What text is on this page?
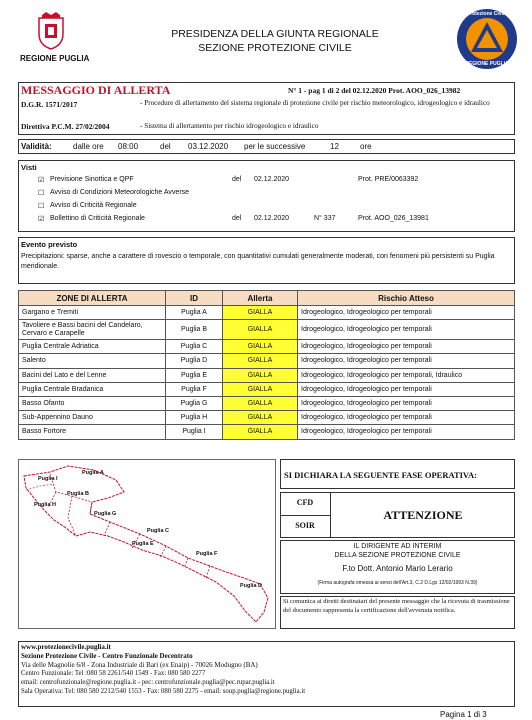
REGIONE PUGLIA
PRESIDENZA DELLA GIUNTA REGIONALE
SEZIONE PROTEZIONE CIVILE
Protezione Civile
REGIONE PUGLIA
MESSAGGIO DI ALLERTA	N° 1 - pag 1 di 2 del 02.12.2020 Prot. AOO_026_13982
D.G.R. 1571/2017	- Procedure di allertamento del sistema regionale di protezione civile per rischio meteorologico, idrogeologico e idraulico
Direttiva P.C.M. 27/02/2004	- Sistema di allertamento per rischio idrogeologico e idraulico
Validità:	dalle ore 08:00	del 03.12.2020 per le successive	12	ore
Visti
☑ Previsione Sinottica e QPF	del 02.12.2020	Prot. PRE/0063392
☐ Avviso di Condizioni Meteorologiche Avverse
☐ Avviso di Criticità Regionale
☑ Bollettino di Criticità Regionale	del 02.12.2020	N° 337	Prot. AOO_026_13981
Evento previsto
Precipitazioni: sparse, anche a carattere di rovescio o temporale, con quantitativi cumulati generalmente moderati, con fenomeni più persistenti su Puglia meridionale.
ZONE DI ALLERTA	ID	Allerta	Rischio Atteso
Gargano e Tremiti	Puglia A	GIALLA	Idrogeologico, Idrogeologico per temporali
Tavoliere e Bassi bacini del Candelaro, Cervaro e Carapelle	Puglia B	GIALLA	Idrogeologico, Idrogeologico per temporali
Puglia Centrale Adriatica	Puglia C	GIALLA	Idrogeologico, Idrogeologico per temporali
Salento	Puglia D	GIALLA	Idrogeologico, Idrogeologico per temporali
Bacini del Lato e del Lenne	Puglia E	GIALLA	Idrogeologico, Idrogeologico per temporali, Idraulico
Puglia Centrale Bradanica	Puglia F	GIALLA	Idrogeologico, Idrogeologico per temporali
Basso Ofanto	Puglia G	GIALLA	Idrogeologico, Idrogeologico per temporali
Sub-Appennino Dauno	Puglia H	GIALLA	Idrogeologico, Idrogeologico per temporali
Basso Fortore	Puglia I	GIALLA	Idrogeologico, Idrogeologico per temporali
Puglia A
Puglia I
Puglia B
Puglia H
Puglia G
Puglia C
Puglia E
Puglia F
Puglia D
SI DICHIARA LA SEGUENTE FASE OPERATIVA:
CFD
SOIR
ATTENZIONE
IL DIRIGENTE AD INTERIM
DELLA SEZIONE PROTEZIONE CIVILE
F.to Dott. Antonio Mario Lerario
(Firma autografa omessa ai sensi dell'Art.3, C.2 D.Lgs 12/02/1993 N.39)
Si comunica ai diretti destinatari del presente messaggio che la ricevuta di trasmissione del documento rappresenta la certificazione dell'avvenuta notifica.
www.protezionecivile.puglia.it
Sezione Protezione Civile - Centro Funzionale Decentrato
Via delle Magnolie 6/8 - Zona Industriale di Bari (ex Enaip) - 70026 Modugno (BA)
Centro Funzionale: Tel :080 58 2261/540 1549 - Fax: 080 580 2277
email: centrofunzionale@regione.puglia.it - pec: centrofunzionale.puglia@pec.rupar.puglia.it
Sala Operativa: Tel: 080 580 2212/540 1553 - Fax: 080 580 2275 - email: soup.puglia@regione.puglia.it
Pagina 1 di 3
